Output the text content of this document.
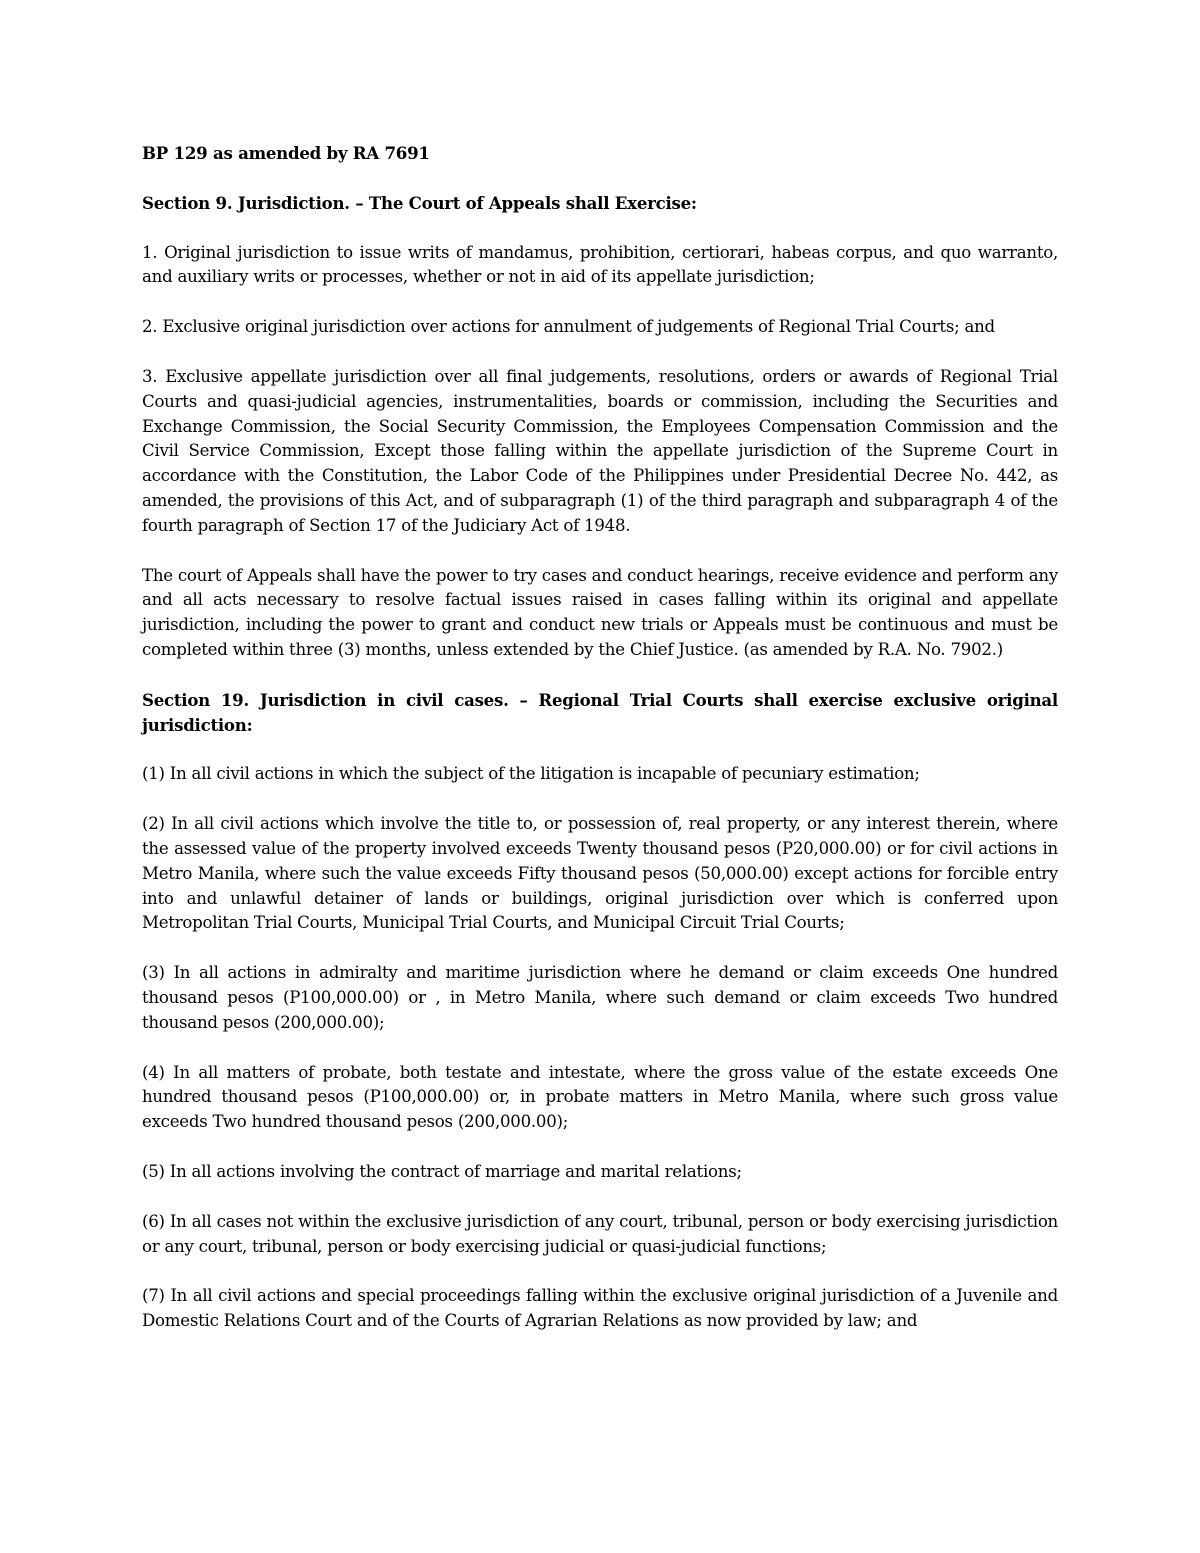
BP 129 as amended by RA 7691

Section 9. Jurisdiction. – The Court of Appeals shall Exercise:

1. Original jurisdiction to issue writs of mandamus, prohibition, certiorari, habeas corpus, and quo warranto, and auxiliary writs or processes, whether or not in aid of its appellate jurisdiction;

2. Exclusive original jurisdiction over actions for annulment of judgements of Regional Trial Courts; and

3. Exclusive appellate jurisdiction over all final judgements, resolutions, orders or awards of Regional Trial Courts and quasi-judicial agencies, instrumentalities, boards or commission, including the Securities and Exchange Commission, the Social Security Commission, the Employees Compensation Commission and the Civil Service Commission, Except those falling within the appellate jurisdiction of the Supreme Court in accordance with the Constitution, the Labor Code of the Philippines under Presidential Decree No. 442, as amended, the provisions of this Act, and of subparagraph (1) of the third paragraph and subparagraph 4 of the fourth paragraph of Section 17 of the Judiciary Act of 1948.

The court of Appeals shall have the power to try cases and conduct hearings, receive evidence and perform any and all acts necessary to resolve factual issues raised in cases falling within its original and appellate jurisdiction, including the power to grant and conduct new trials or Appeals must be continuous and must be completed within three (3) months, unless extended by the Chief Justice. (as amended by R.A. No. 7902.)

Section 19. Jurisdiction in civil cases. – Regional Trial Courts shall exercise exclusive original jurisdiction:

(1) In all civil actions in which the subject of the litigation is incapable of pecuniary estimation;

(2) In all civil actions which involve the title to, or possession of, real property, or any interest therein, where the assessed value of the property involved exceeds Twenty thousand pesos (P20,000.00) or for civil actions in Metro Manila, where such the value exceeds Fifty thousand pesos (50,000.00) except actions for forcible entry into and unlawful detainer of lands or buildings, original jurisdiction over which is conferred upon Metropolitan Trial Courts, Municipal Trial Courts, and Municipal Circuit Trial Courts;

(3) In all actions in admiralty and maritime jurisdiction where he demand or claim exceeds One hundred thousand pesos (P100,000.00) or , in Metro Manila, where such demand or claim exceeds Two hundred thousand pesos (200,000.00);

(4) In all matters of probate, both testate and intestate, where the gross value of the estate exceeds One hundred thousand pesos (P100,000.00) or, in probate matters in Metro Manila, where such gross value exceeds Two hundred thousand pesos (200,000.00);

(5) In all actions involving the contract of marriage and marital relations;

(6) In all cases not within the exclusive jurisdiction of any court, tribunal, person or body exercising jurisdiction or any court, tribunal, person or body exercising judicial or quasi-judicial functions;

(7) In all civil actions and special proceedings falling within the exclusive original jurisdiction of a Juvenile and Domestic Relations Court and of the Courts of Agrarian Relations as now provided by law; and
